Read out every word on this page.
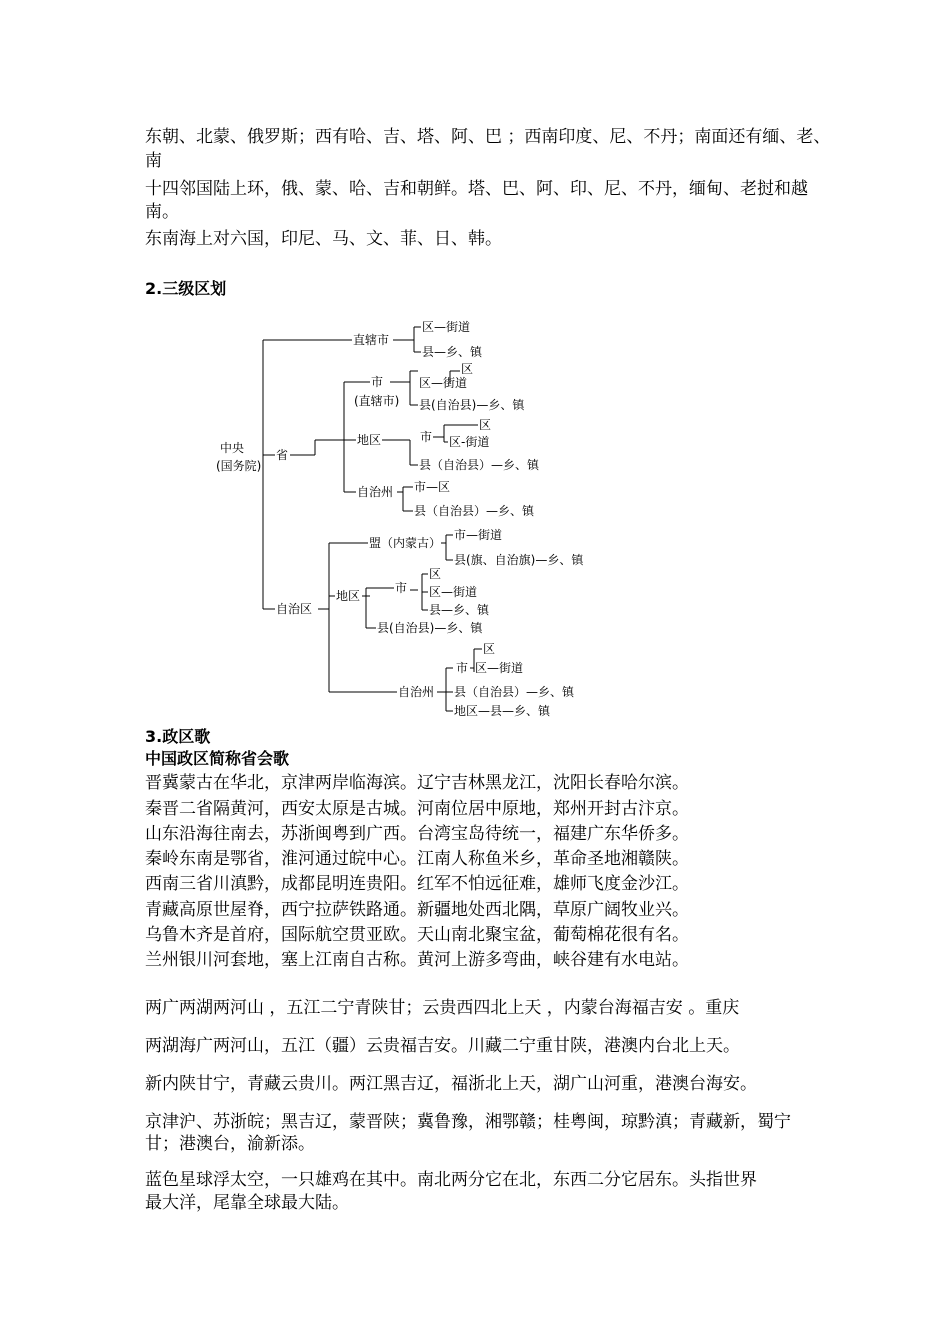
东朝、北蒙、俄罗斯；西有哈、吉、塔、阿、巴 ；西南印度、尼、不丹；南面还有缅、老、
南
十四邻国陆上环，俄、蒙、哈、吉和朝鲜。塔、巴、阿、印、尼、不丹，缅甸、老挝和越
南。
东南海上对六国，印尼、马、文、菲、日、韩。
2.三级区划
中央
(国务院)
省
自治区
直辖市
区—街道
县—乡、镇
市
(直辖市)
区
区—街道
县(自治县)—乡、镇
地区	市
区
区-街道
县（自治县）—乡、镇
自治州 市—区
县（自治县）—乡、镇
盟（内蒙古）
市—街道
县(旗、自治旗)—乡、镇
地区
市
区
区—街道
县—乡、镇
县(自治县)—乡、镇
自治州
市
区
区—街道
县（自治县）—乡、镇
地区—县—乡、镇
3.政区歌
中国政区简称省会歌
晋冀蒙古在华北，京津两岸临海滨。辽宁吉林黑龙江，沈阳长春哈尔滨。
秦晋二省隔黄河，西安太原是古城。河南位居中原地，郑州开封古汴京。
山东沿海往南去，苏浙闽粤到广西。台湾宝岛待统一，福建广东华侨多。
秦岭东南是鄂省，淮河通过皖中心。江南人称鱼米乡，革命圣地湘赣陕。
西南三省川滇黔，成都昆明连贵阳。红军不怕远征难，雄师飞度金沙江。
青藏高原世屋脊，西宁拉萨铁路通。新疆地处西北隅，草原广阔牧业兴。
乌鲁木齐是首府，国际航空贯亚欧。天山南北聚宝盆，葡萄棉花很有名。
兰州银川河套地，塞上江南自古称。黄河上游多弯曲，峡谷建有水电站。
两广两湖两河山 ，五江二宁青陕甘；云贵西四北上天 ，内蒙台海福吉安 。重庆
两湖海广两河山，五江（疆）云贵福吉安。川藏二宁重甘陕，港澳内台北上天。
新内陕甘宁，青藏云贵川。两江黑吉辽，福浙北上天，湖广山河重，港澳台海安。
京津沪、苏浙皖；黑吉辽，蒙晋陕；冀鲁豫，湘鄂赣；桂粤闽，琼黔滇；青藏新，蜀宁
甘；港澳台，渝新添。
蓝色星球浮太空，一只雄鸡在其中。南北两分它在北，东西二分它居东。头指世界
最大洋，尾靠全球最大陆。
